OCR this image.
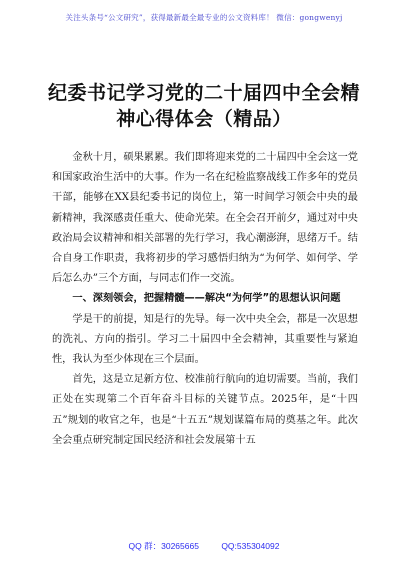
关注头条号“公文研究”，获得最新最全最专业的公文资料库！ 微信：gongwenyj
纪委书记学习党的二十届四中全会精神心得体会（精品）

金秋十月，硕果累累。我们即将迎来党的二十届四中全会这一党和国家政治生活中的大事。作为一名在纪检监察战线工作多年的党员干部，能够在XX县纪委书记的岗位上，第一时间学习领会中央的最新精神，我深感责任重大、使命光荣。在全会召开前夕，通过对中央政治局会议精神和相关部署的先行学习，我心潮澎湃，思绪万千。结合自身工作职责，我将初步的学习感悟归纳为“为何学、如何学、学后怎么办”三个方面，与同志们作一交流。

一、深刻领会，把握精髓——解决“为何学”的思想认识问题

学是干的前提，知是行的先导。每一次中央全会，都是一次思想的洗礼、方向的指引。学习二十届四中全会精神，其重要性与紧迫性，我认为至少体现在三个层面。

首先，这是立足新方位、校准前行航向的迫切需要。当前，我们正处在实现第二个百年奋斗目标的关键节点。2025年，是“十四五”规划的收官之年，也是“十五五”规划谋篇布局的奠基之年。此次全会重点研究制定国民经济和社会发展第十五

QQ 群：30265665	QQ:535304092
